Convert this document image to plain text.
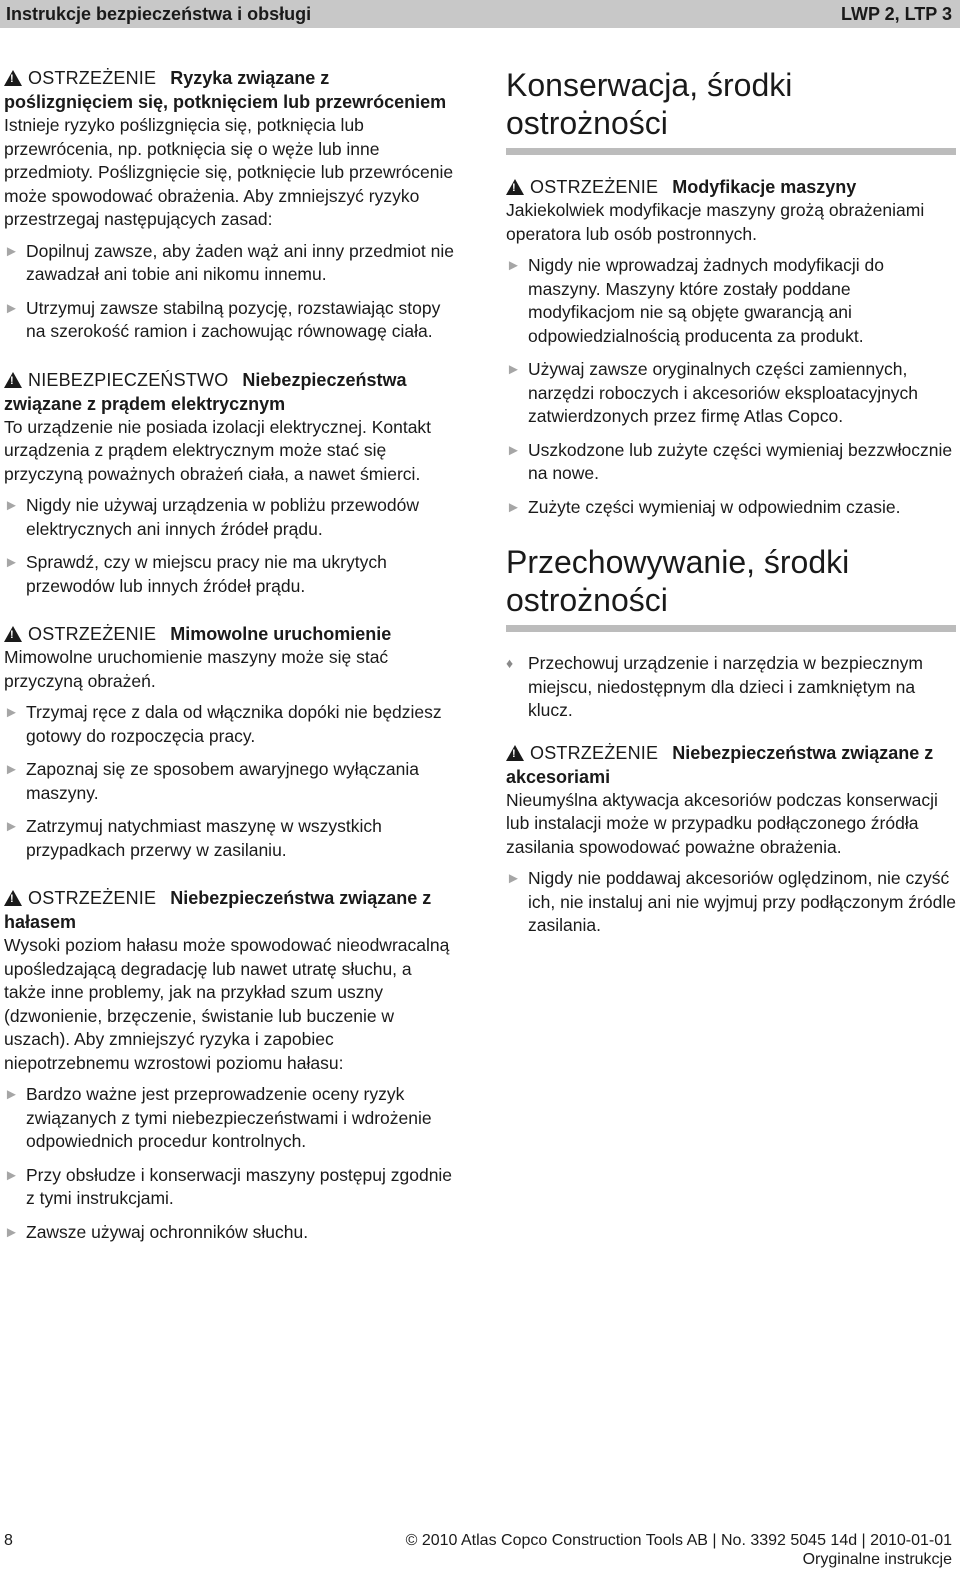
Instrukcje bezpieczeństwa i obsługi	LWP 2, LTP 3
!OSTRZEŻENIE Ryzyka związane z poślizgnięciem się, potknięciem lub przewróceniem

Istnieje ryzyko poślizgnięcia się, potknięcia lub przewrócenia, np. potknięcia się o wężе lub inne przedmioty. Poślizgnięcie się, potknięcie lub przewrócenie może spowodować obrażenia. Aby zmniejszyć ryzyko przestrzegaj następujących zasad:

► Dopilnuj zawsze, aby żaden wąż ani inny przedmiot nie zawadzał ani tobie ani nikomu innemu.
► Utrzymuj zawsze stabilną pozycję, rozstawiając stopy na szerokość ramion i zachowując równowagę ciała.
!NIEBEZPIECZEŃSTWO Niebezpieczeństwa związane z prądem elektrycznym

To urządzenie nie posiada izolacji elektrycznej. Kontakt urządzenia z prądem elektrycznym może stać się przyczyną poważnych obrażeń ciała, a nawet śmierci.

► Nigdy nie używaj urządzenia w pobliżu przewodów elektrycznych ani innych źródeł prądu.
► Sprawdź, czy w miejscu pracy nie ma ukrytych przewodów lub innych źródeł prądu.
!OSTRZEŻENIE Mimowolne uruchomienie

Mimowolne uruchomienie maszyny może się stać przyczyną obrażeń.

► Trzymaj ręce z dala od włącznika dopóki nie będziesz gotowy do rozpoczęcia pracy.
► Zapoznaj się ze sposobem awaryjnego wyłączania maszyny.
► Zatrzymuj natychmiast maszynę w wszystkich przypadkach przerwy w zasilaniu.
!OSTRZEŻENIE Niebezpieczeństwa związane z hałasem

Wysoki poziom hałasu może spowodować nieodwracalną upośledzającą degradację lub nawet utratę słuchu, a także inne problemy, jak na przykład szum uszny (dzwonienie, brzęczenie, świstanie lub buczenie w uszach). Aby zmniejszyć ryzyka i zapobiec niepotrzebnemu wzrostowi poziomu hałasu:

► Bardzo ważne jest przeprowadzenie oceny ryzyk związanych z tymi niebezpieczeństwami i wdrożenie odpowiednich procedur kontrolnych.
► Przy obsłudze i konserwacji maszyny postępuj zgodnie z tymi instrukcjami.
► Zawsze używaj ochronników słuchu.
Konserwacja, środki ostrożności
!OSTRZEŻENIE Modyfikacje maszyny

Jakiekolwiek modyfikacje maszyny grożą obrażeniami operatora lub osób postronnych.

► Nigdy nie wprowadzaj żadnych modyfikacji do maszyny. Maszyny które zostały poddane modyfikacjom nie są objęte gwarancją ani odpowiedzialnością producenta za produkt.
► Używaj zawsze oryginalnych części zamiennych, narzędzi roboczych i akcesoriów eksploatacyjnych zatwierdzonych przez firmę Atlas Copco.
► Uszkodzone lub zużyte części wymieniaj bezzwłocznie na nowe.
► Zużyte części wymieniaj w odpowiednim czasie.
Przechowywanie, środki ostrożności
♦ Przechowuj urządzenie i narzędzia w bezpiecznym miejscu, niedostępnym dla dzieci i zamkniętym na klucz.
!OSTRZEŻENIE Niebezpieczeństwa związane z akcesoriami

Nieumyślna aktywacja akcesoriów podczas konserwacji lub instalacji może w przypadku podłączonego źródła zasilania spowodować poważne obrażenia.

► Nigdy nie poddawaj akcesoriów oględzinom, nie czyść ich, nie instaluj ani nie wyjmuj przy podłączonym źródle zasilania.
8	© 2010 Atlas Copco Construction Tools AB | No. 3392 5045 14d | 2010-01-01
Oryginalne instrukcje
